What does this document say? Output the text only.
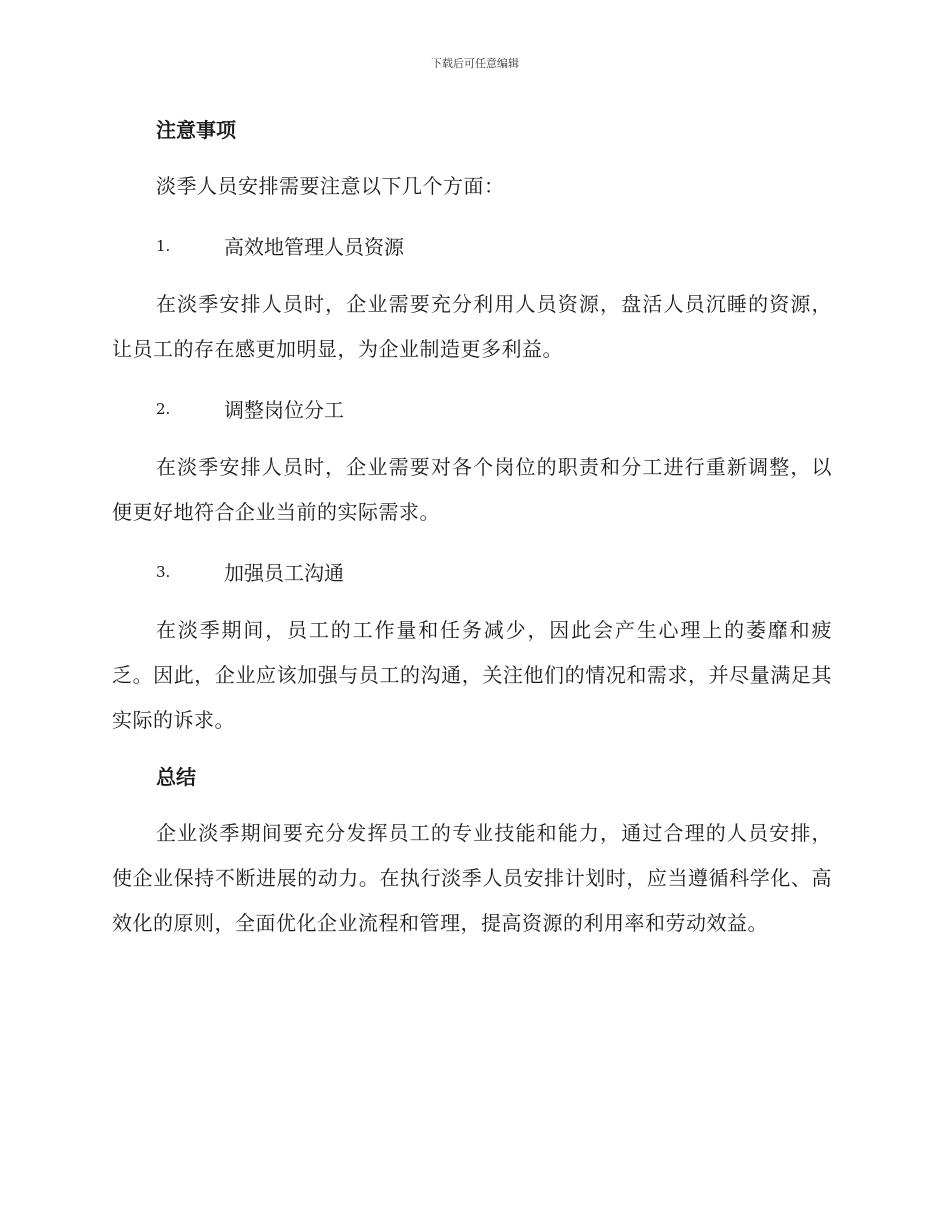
下载后可任意编辑
注意事项

淡季人员安排需要注意以下几个方面：

1.	高效地管理人员资源

在淡季安排人员时，企业需要充分利用人员资源，盘活人员沉睡的资源，让员工的存在感更加明显，为企业制造更多利益。

2.	调整岗位分工

在淡季安排人员时，企业需要对各个岗位的职责和分工进行重新调整，以便更好地符合企业当前的实际需求。

3.	加强员工沟通

在淡季期间，员工的工作量和任务减少，因此会产生心理上的萎靡和疲乏。因此，企业应该加强与员工的沟通，关注他们的情况和需求，并尽量满足其实际的诉求。

总结

企业淡季期间要充分发挥员工的专业技能和能力，通过合理的人员安排，使企业保持不断进展的动力。在执行淡季人员安排计划时，应当遵循科学化、高效化的原则，全面优化企业流程和管理，提高资源的利用率和劳动效益。
